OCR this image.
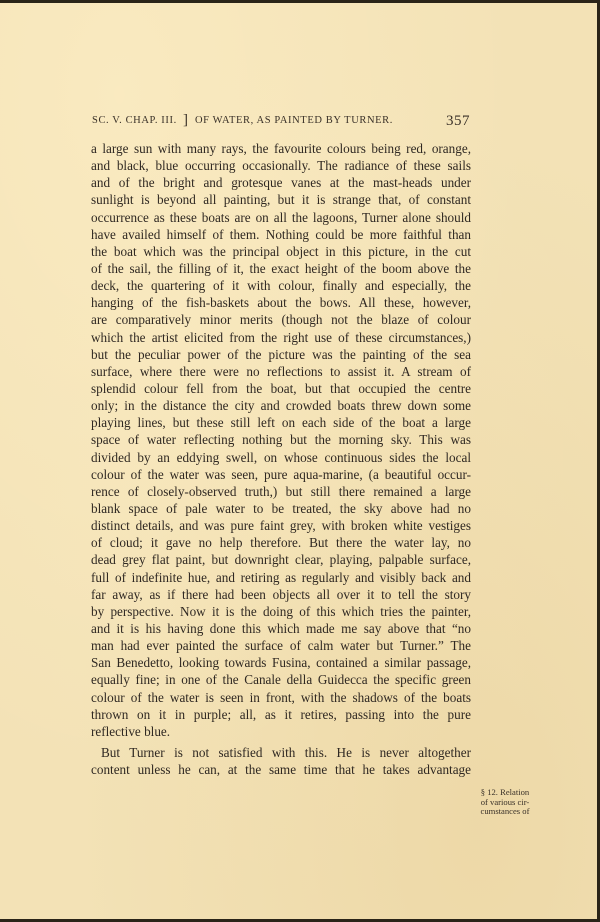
SC. V. CHAP. III. ] OF WATER, AS PAINTED BY TURNER.	357
a large sun with many rays, the favourite colours being red, orange,
and black, blue occurring occasionally. The radiance of these sails
and of the bright and grotesque vanes at the mast-heads under
sunlight is beyond all painting, but it is strange that, of constant
occurrence as these boats are on all the lagoons, Turner alone should
have availed himself of them. Nothing could be more faithful than
the boat which was the principal object in this picture, in the cut
of the sail, the filling of it, the exact height of the boom above the
deck, the quartering of it with colour, finally and especially, the
hanging of the fish-baskets about the bows. All these, however,
are comparatively minor merits (though not the blaze of colour
which the artist elicited from the right use of these circumstances,)
but the peculiar power of the picture was the painting of the sea
surface, where there were no reflections to assist it. A stream of
splendid colour fell from the boat, but that occupied the centre
only; in the distance the city and crowded boats threw down some
playing lines, but these still left on each side of the boat a large
space of water reflecting nothing but the morning sky. This was
divided by an eddying swell, on whose continuous sides the local
colour of the water was seen, pure aqua-marine, (a beautiful occur-
rence of closely-observed truth,) but still there remained a large
blank space of pale water to be treated, the sky above had no
distinct details, and was pure faint grey, with broken white vestiges
of cloud; it gave no help therefore. But there the water lay, no
dead grey flat paint, but downright clear, playing, palpable surface,
full of indefinite hue, and retiring as regularly and visibly back and
far away, as if there had been objects all over it to tell the story
by perspective. Now it is the doing of this which tries the painter,
and it is his having done this which made me say above that “no
man had ever painted the surface of calm water but Turner.” The
San Benedetto, looking towards Fusina, contained a similar passage,
equally fine; in one of the Canale della Guidecca the specific green
colour of the water is seen in front, with the shadows of the boats
thrown on it in purple; all, as it retires, passing into the pure
reflective blue.
But Turner is not satisfied with this. He is never altogether
content unless he can, at the same time that he takes advantage
§ 12. Relation
of various cir-
cumstances of
